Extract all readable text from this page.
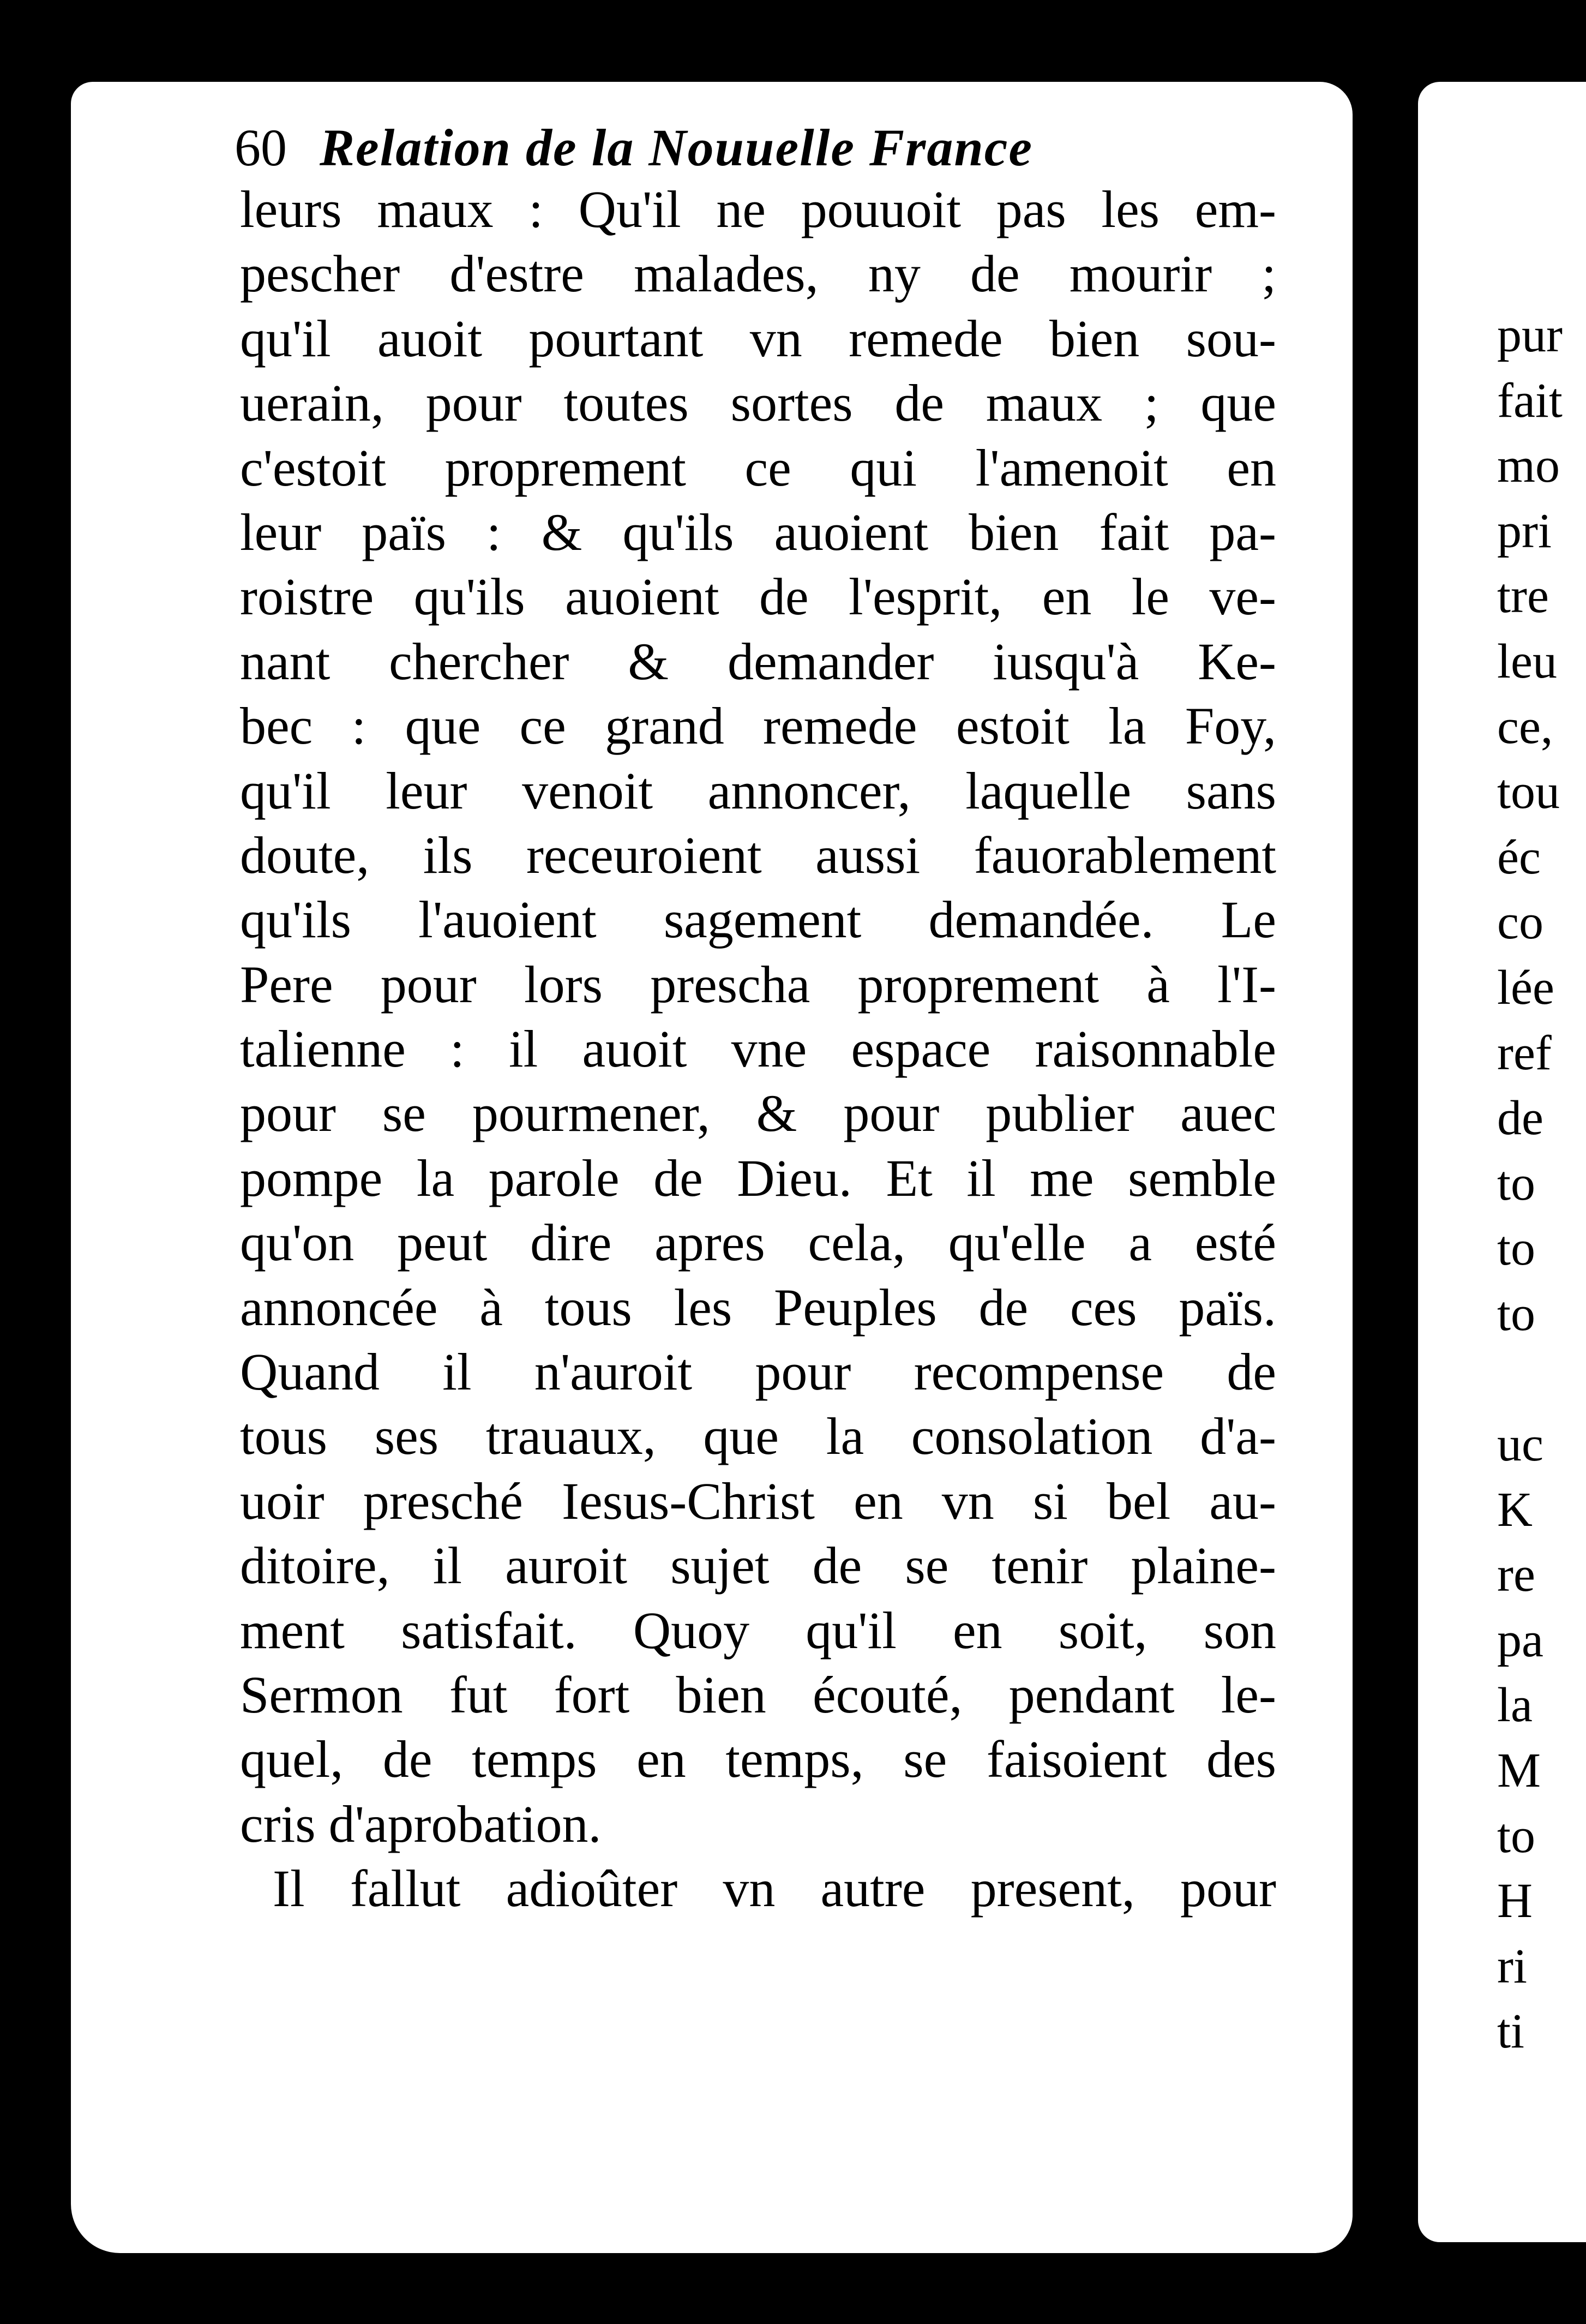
60 Relation de la Nouuelle France
leurs maux : Qu'il ne pouuoit pas les em-
pescher d'estre malades, ny de mourir ;
qu'il auoit pourtant vn remede bien sou-
uerain, pour toutes sortes de maux ; que
c'estoit proprement ce qui l'amenoit en
leur païs : & qu'ils auoient bien fait pa-
roistre qu'ils auoient de l'esprit, en le ve-
nant chercher & demander iusqu'à Ke-
bec : que ce grand remede estoit la Foy,
qu'il leur venoit annoncer, laquelle sans
doute, ils receuroient aussi fauorablement
qu'ils l'auoient sagement demandée. Le
Pere pour lors prescha proprement à l'I-
talienne : il auoit vne espace raisonnable
pour se pourmener, & pour publier auec
pompe la parole de Dieu. Et il me semble
qu'on peut dire apres cela, qu'elle a esté
annoncée à tous les Peuples de ces païs.
Quand il n'auroit pour recompense de
tous ses trauaux, que la consolation d'a-
uoir presché Iesus-Christ en vn si bel au-
ditoire, il auroit sujet de se tenir plaine-
ment satisfait. Quoy qu'il en soit, son
Sermon fut fort bien écouté, pendant le-
quel, de temps en temps, se faisoient des
cris d'aprobation.
Il fallut adioûter vn autre present, pour
pur
fait
mo
pri
tre
leu
ce,
tou
éc
co
lée
ref
de
to
to
to
uc
K
re
pa
la
M
to
H
ri
ti
